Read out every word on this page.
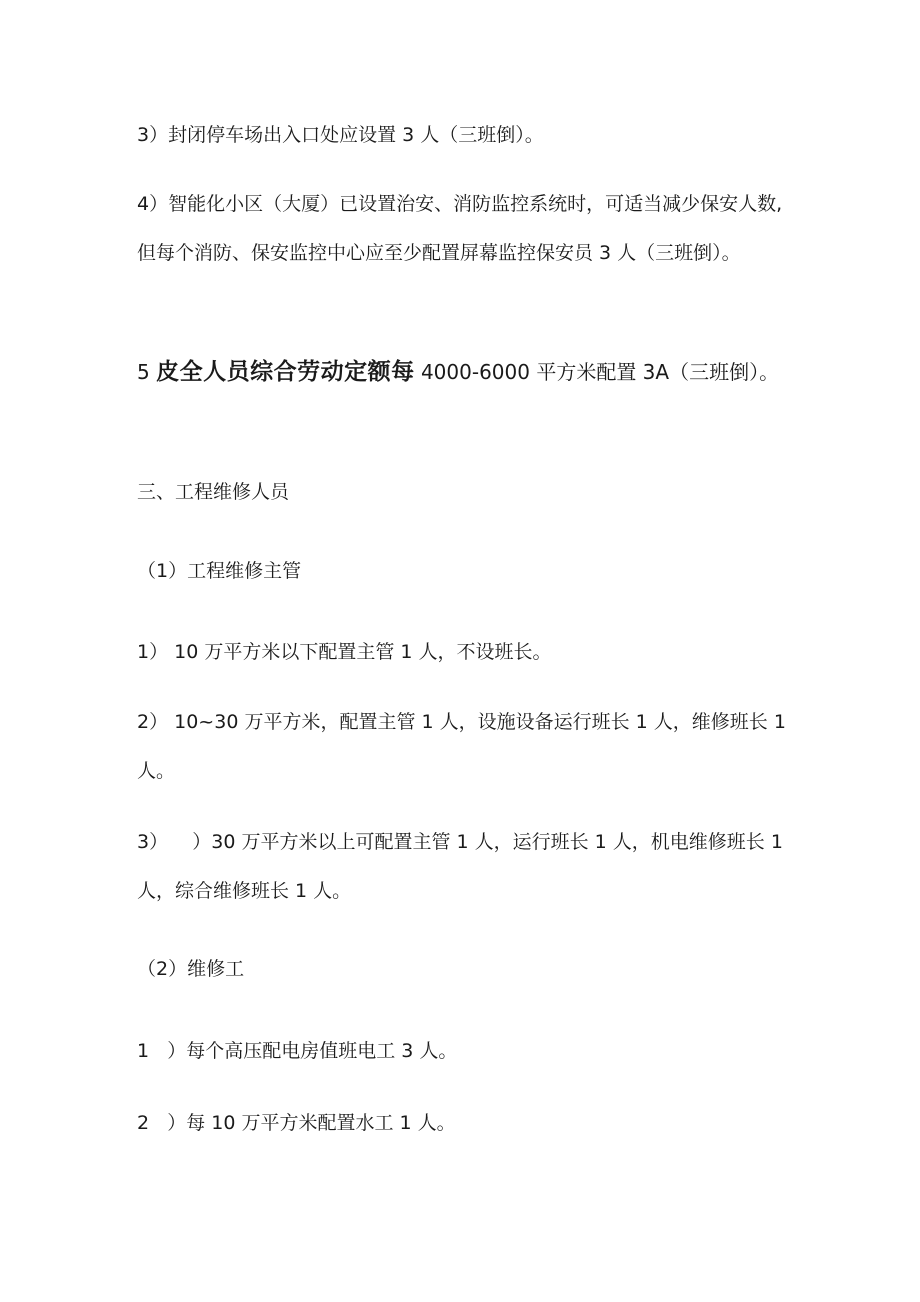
3）封闭停车场出入口处应设置 3 人（三班倒）。

4）智能化小区（大厦）已设置治安、消防监控系统时，可适当减少保安人数,但每个消防、保安监控中心应至少配置屏幕监控保安员 3 人（三班倒）。

5 皮全人员综合劳动定额每 4000-6000 平方米配置 3A（三班倒）。

三、工程维修人员

（1）工程维修主管

1） 10 万平方米以下配置主管 1 人，不设班长。

2） 10~30 万平方米，配置主管 1 人，设施设备运行班长 1 人，维修班长 1 人。

3）    ）30 万平方米以上可配置主管 1 人，运行班长 1 人，机电维修班长 1 人，综合维修班长 1 人。

（2）维修工

1   ）每个高压配电房值班电工 3 人。

2   ）每 10 万平方米配置水工 1 人。
